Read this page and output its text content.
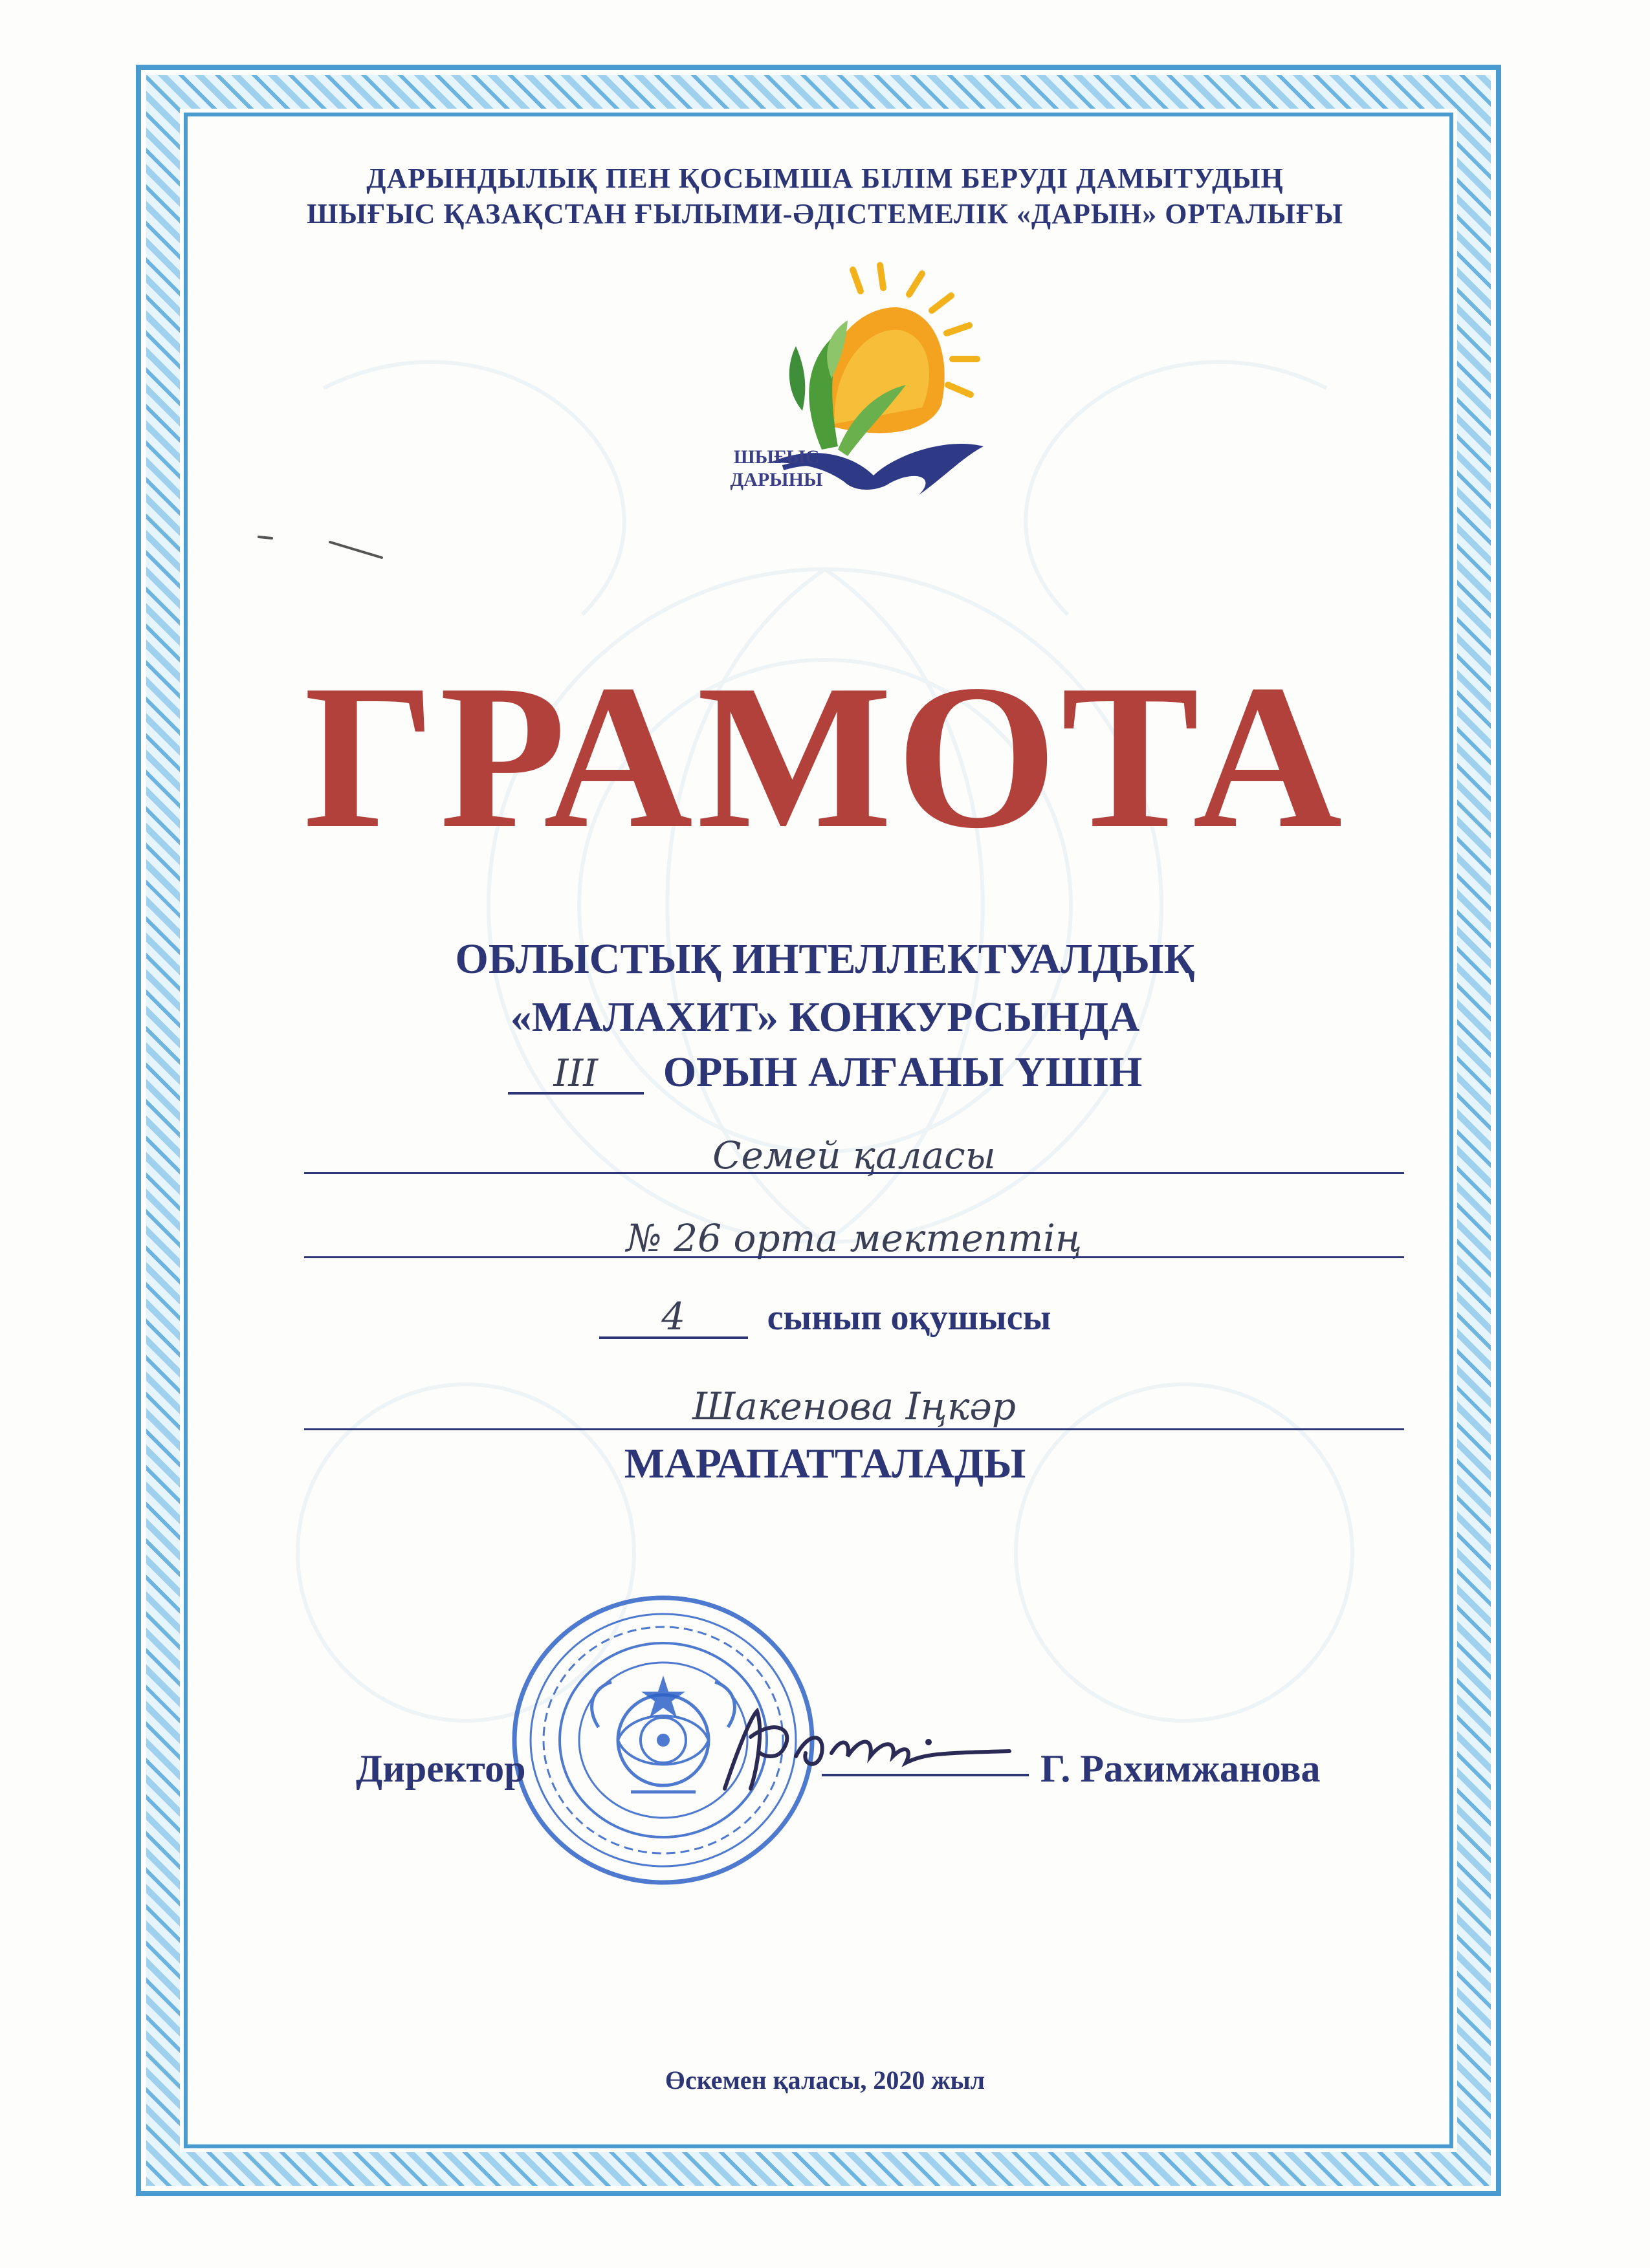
ДАРЫНДЫЛЫҚ ПЕН ҚОСЫМША БІЛІМ БЕРУДІ ДАМЫТУДЫҢ
ШЫҒЫС ҚАЗАҚСТАН ҒЫЛЫМИ-ӘДІСТЕМЕЛІК «ДАРЫН» ОРТАЛЫҒЫ
ШЫҒЫС
ДАРЫНЫ
ГРАМОТА
ОБЛЫСТЫҚ ИНТЕЛЛЕКТУАЛДЫҚ
«МАЛАХИТ» КОНКУРСЫНДА
III ОРЫН АЛҒАНЫ ҮШІН
Семей қаласы
№ 26 орта мектептің
4 сынып оқушысы
Шакенова Іңкәр
МАРАПАТТАЛАДЫ
Директор	Г. Рахимжанова
Өскемен қаласы, 2020 жыл
